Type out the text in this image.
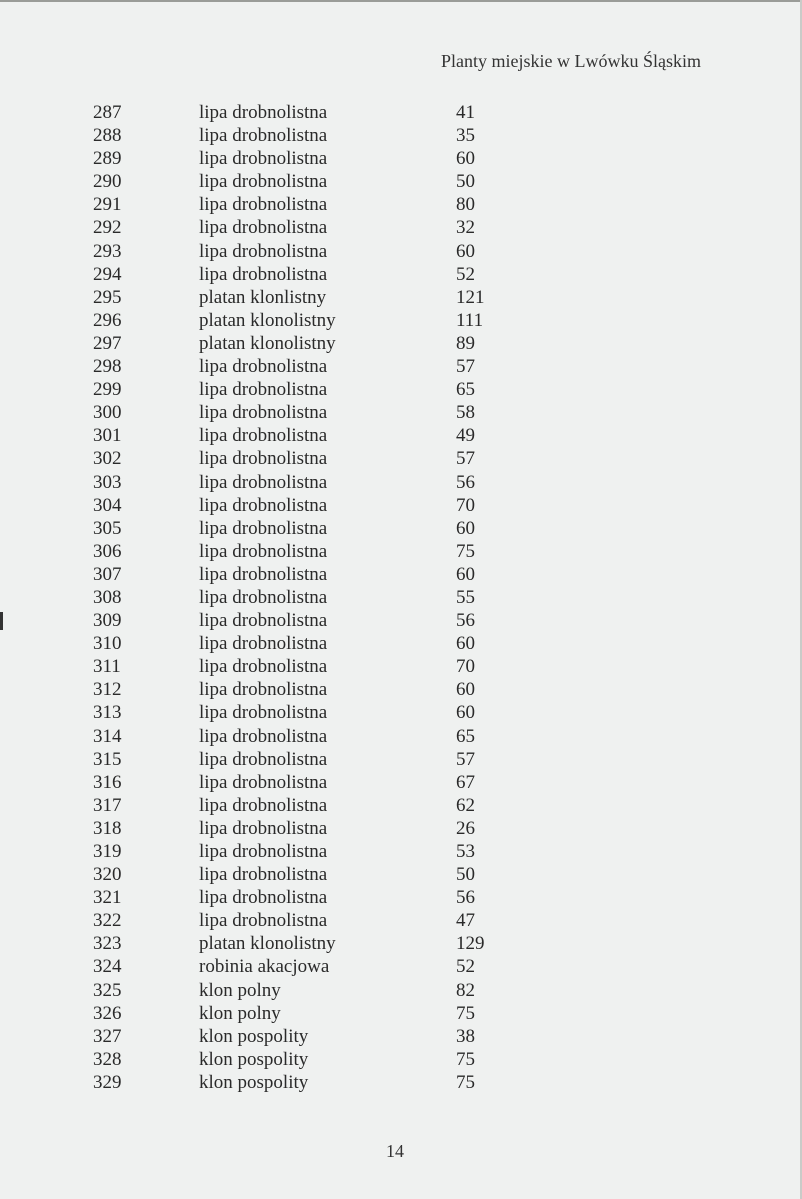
Planty miejskie w Lwówku Śląskim
287	lipa drobnolistna	41
288	lipa drobnolistna	35
289	lipa drobnolistna	60
290	lipa drobnolistna	50
291	lipa drobnolistna	80
292	lipa drobnolistna	32
293	lipa drobnolistna	60
294	lipa drobnolistna	52
295	platan klonlistny	121
296	platan klonolistny	111
297	platan klonolistny	89
298	lipa drobnolistna	57
299	lipa drobnolistna	65
300	lipa drobnolistna	58
301	lipa drobnolistna	49
302	lipa drobnolistna	57
303	lipa drobnolistna	56
304	lipa drobnolistna	70
305	lipa drobnolistna	60
306	lipa drobnolistna	75
307	lipa drobnolistna	60
308	lipa drobnolistna	55
309	lipa drobnolistna	56
310	lipa drobnolistna	60
311	lipa drobnolistna	70
312	lipa drobnolistna	60
313	lipa drobnolistna	60
314	lipa drobnolistna	65
315	lipa drobnolistna	57
316	lipa drobnolistna	67
317	lipa drobnolistna	62
318	lipa drobnolistna	26
319	lipa drobnolistna	53
320	lipa drobnolistna	50
321	lipa drobnolistna	56
322	lipa drobnolistna	47
323	platan klonolistny	129
324	robinia akacjowa	52
325	klon polny	82
326	klon polny	75
327	klon pospolity	38
328	klon pospolity	75
329	klon pospolity	75
14
